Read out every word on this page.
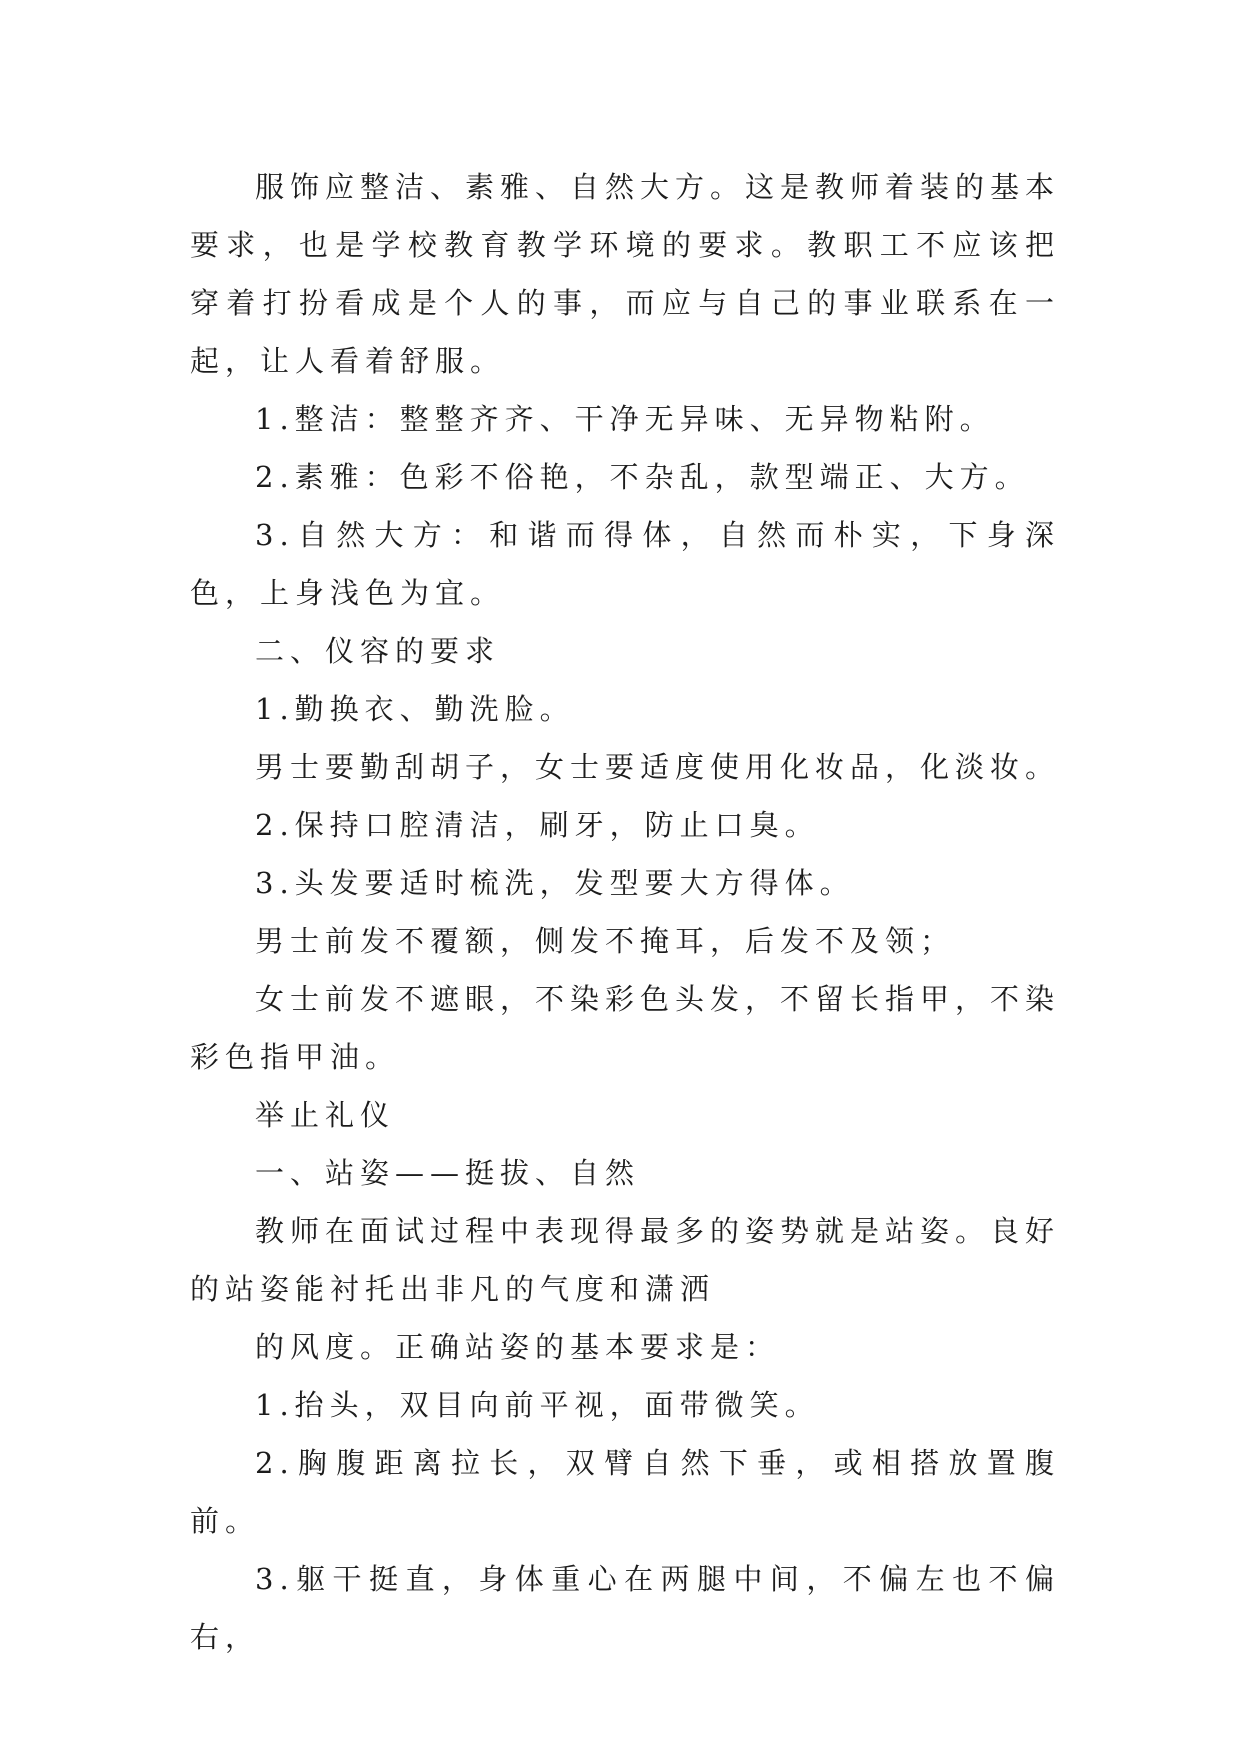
服饰应整洁、素雅、自然大方。这是教师着装的基本要求，也是学校教育教学环境的要求。教职工不应该把穿着打扮看成是个人的事，而应与自己的事业联系在一起，让人看着舒服。

1.整洁：整整齐齐、干净无异味、无异物粘附。

2.素雅：色彩不俗艳，不杂乱，款型端正、大方。

3.自然大方：和谐而得体，自然而朴实，下身深色，上身浅色为宜。

二、仪容的要求

1.勤换衣、勤洗脸。

男士要勤刮胡子，女士要适度使用化妆品，化淡妆。

2.保持口腔清洁，刷牙，防止口臭。

3.头发要适时梳洗，发型要大方得体。

男士前发不覆额，侧发不掩耳，后发不及领；

女士前发不遮眼，不染彩色头发，不留长指甲，不染彩色指甲油。

举止礼仪

一、站姿——挺拔、自然

教师在面试过程中表现得最多的姿势就是站姿。良好的站姿能衬托出非凡的气度和潇洒

的风度。正确站姿的基本要求是：

1.抬头，双目向前平视，面带微笑。

2.胸腹距离拉长，双臂自然下垂，或相搭放置腹前。

3.躯干挺直，身体重心在两腿中间，不偏左也不偏右，
